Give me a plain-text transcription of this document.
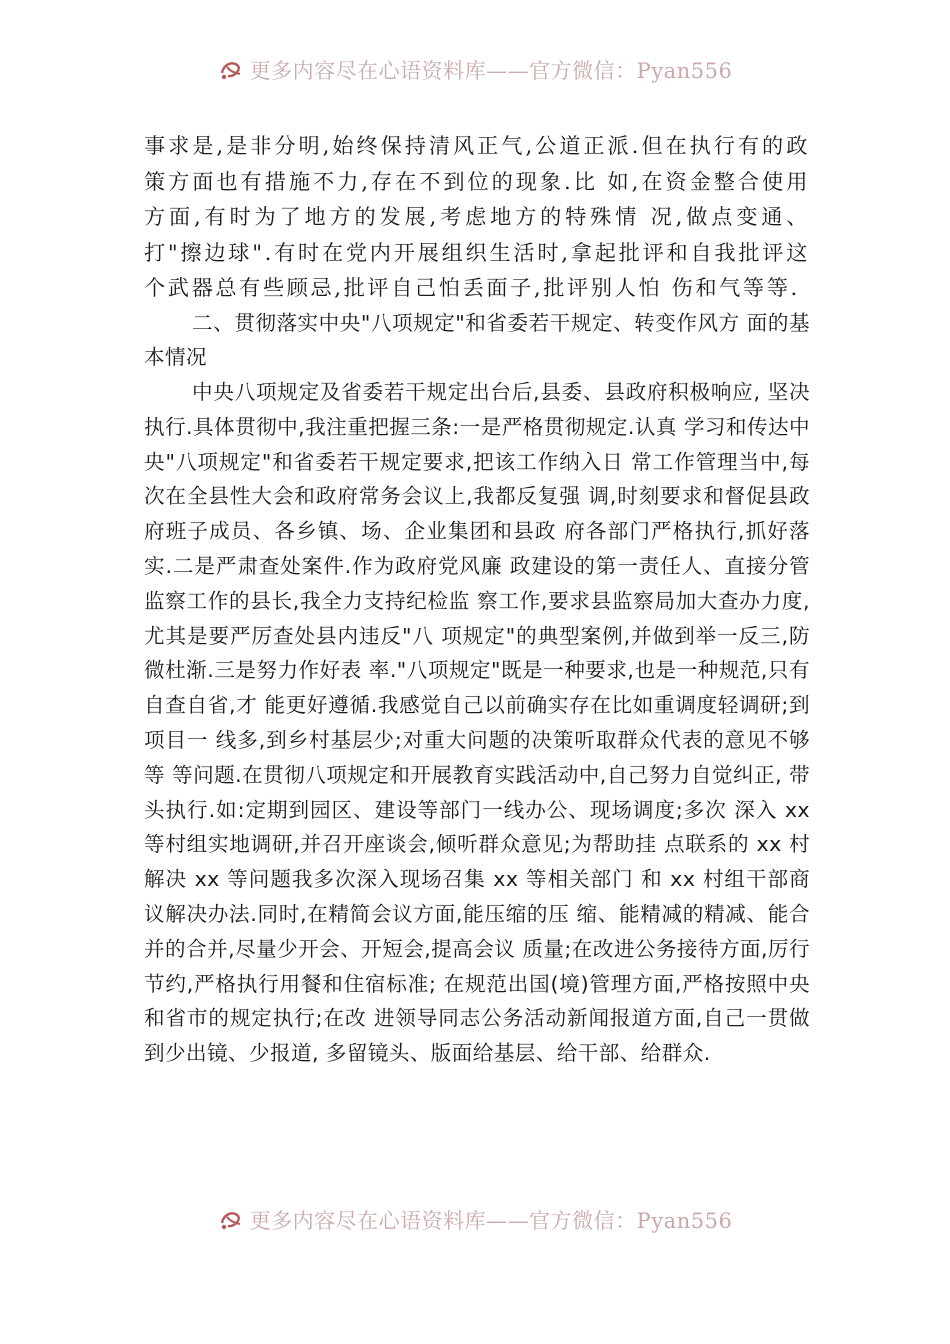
更多内容尽在心语资料库——官方微信：Pyan556

事求是,是非分明,始终保持清风正气,公道正派.但在执行有的政策方面也有措施不力,存在不到位的现象.比 如,在资金整合使用方面,有时为了地方的发展,考虑地方的特殊情 况,做点变通、打"擦边球".有时在党内开展组织生活时,拿起批评和自我批评这个武器总有些顾忌,批评自己怕丢面子,批评别人怕 伤和气等等.

二、贯彻落实中央"八项规定"和省委若干规定、转变作风方 面的基本情况

中央八项规定及省委若干规定出台后,县委、县政府积极响应, 坚决执行.具体贯彻中,我注重把握三条:一是严格贯彻规定.认真 学习和传达中央"八项规定"和省委若干规定要求,把该工作纳入日 常工作管理当中,每次在全县性大会和政府常务会议上,我都反复强 调,时刻要求和督促县政府班子成员、各乡镇、场、企业集团和县政 府各部门严格执行,抓好落实.二是严肃查处案件.作为政府党风廉 政建设的第一责任人、直接分管监察工作的县长,我全力支持纪检监 察工作,要求县监察局加大查办力度,尤其是要严厉查处县内违反"八 项规定"的典型案例,并做到举一反三,防微杜渐.三是努力作好表 率."八项规定"既是一种要求,也是一种规范,只有自查自省,才 能更好遵循.我感觉自己以前确实存在比如重调度轻调研;到项目一 线多,到乡村基层少;对重大问题的决策听取群众代表的意见不够等 等问题.在贯彻八项规定和开展教育实践活动中,自己努力自觉纠正, 带头执行.如:定期到园区、建设等部门一线办公、现场调度;多次 深入 xx 等村组实地调研,并召开座谈会,倾听群众意见;为帮助挂 点联系的 xx 村解决 xx 等问题我多次深入现场召集 xx 等相关部门 和 xx 村组干部商议解决办法.同时,在精简会议方面,能压缩的压 缩、能精减的精减、能合并的合并,尽量少开会、开短会,提高会议 质量;在改进公务接待方面,厉行节约,严格执行用餐和住宿标准; 在规范出国(境)管理方面,严格按照中央和省市的规定执行;在改 进领导同志公务活动新闻报道方面,自己一贯做到少出镜、少报道, 多留镜头、版面给基层、给干部、给群众.

更多内容尽在心语资料库——官方微信：Pyan556
